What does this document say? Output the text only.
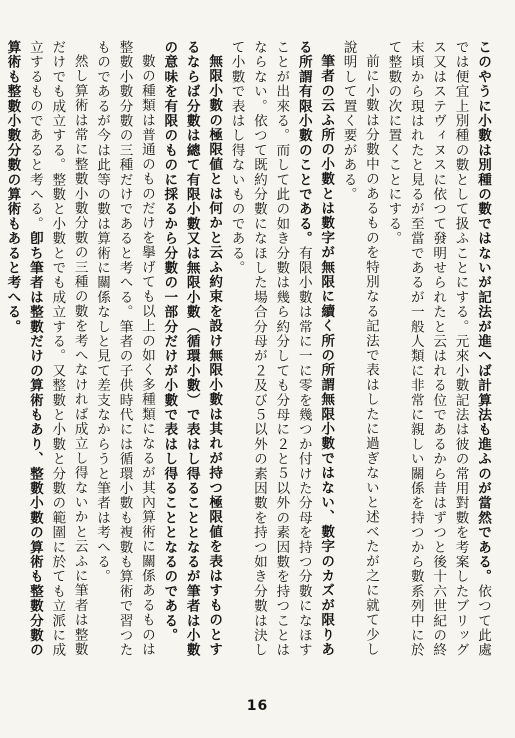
このやうに小數は別種の數ではないが記法が進へば計算法も進ふのが當然である。依つて此處では便宜上別種の數として扱ふことにする。元來小數記法は彼の常用對數を考案したブリッグス又はステヴィヌスに依つて發明せられたと云はれる位であるから昔はずつと後十六世紀の終末頃から現はれたと見るが至當であるが一般人類に非常に親しい關係を持つから數系列中に於て整數の次に置くことにする。

前に小數は分數中のあるものを特別なる記法で表はしたに過ぎないと述べたが之に就て少し說明して置く要がある。

筆者の云ふ所の小數とは數字が無限に續く所の所謂無限小數ではない、數字のカズが限りある所謂有限小數のことである。有限小數は常に一に零を幾つか付けた分母を持つ分數になほすことが出來る。而して此の如き分數は幾ら約分しても分母に２と５以外の素因數を持つことはならない。依つて既約分數になほした場合分母が２及び５以外の素因數を持つ如き分數は決して小數で表はし得ないものである。

無限小數の極限値とは何かと云ふ約束を設け無限小數は其れが持つ極限値を表はすものとするならば分數は總て有限小數又は無限小數（循環小數）で表はし得ることとなるが筆者は小數の意味を有限のものに採るから分數の一部分だけが小數で表はし得ることとなるのである。

數の種類は普通のものだけを擧げても以上の如く多種類になるが其內算術に關係あるものは整數小數分數の三種だけであると考へる。筆者の子供時代には循環小數も複數も算術で習つたものであるが今は此等の數は算術に關係なしと見て差支なからうと筆者は考へる。

然し算術は常に整數小數分數の三種の數を考へなければ成立し得ないかと云ふに筆者は整數だけでも成立する。整數と小數とでも成立する。又整數と小數と分數の範圍に於ても立派に成立するものであると考へる。卽ち筆者は整數だけの算術もあり、整數小數の算術も整數分數の算術も整數小數分數の算術もあると考へる。

16
